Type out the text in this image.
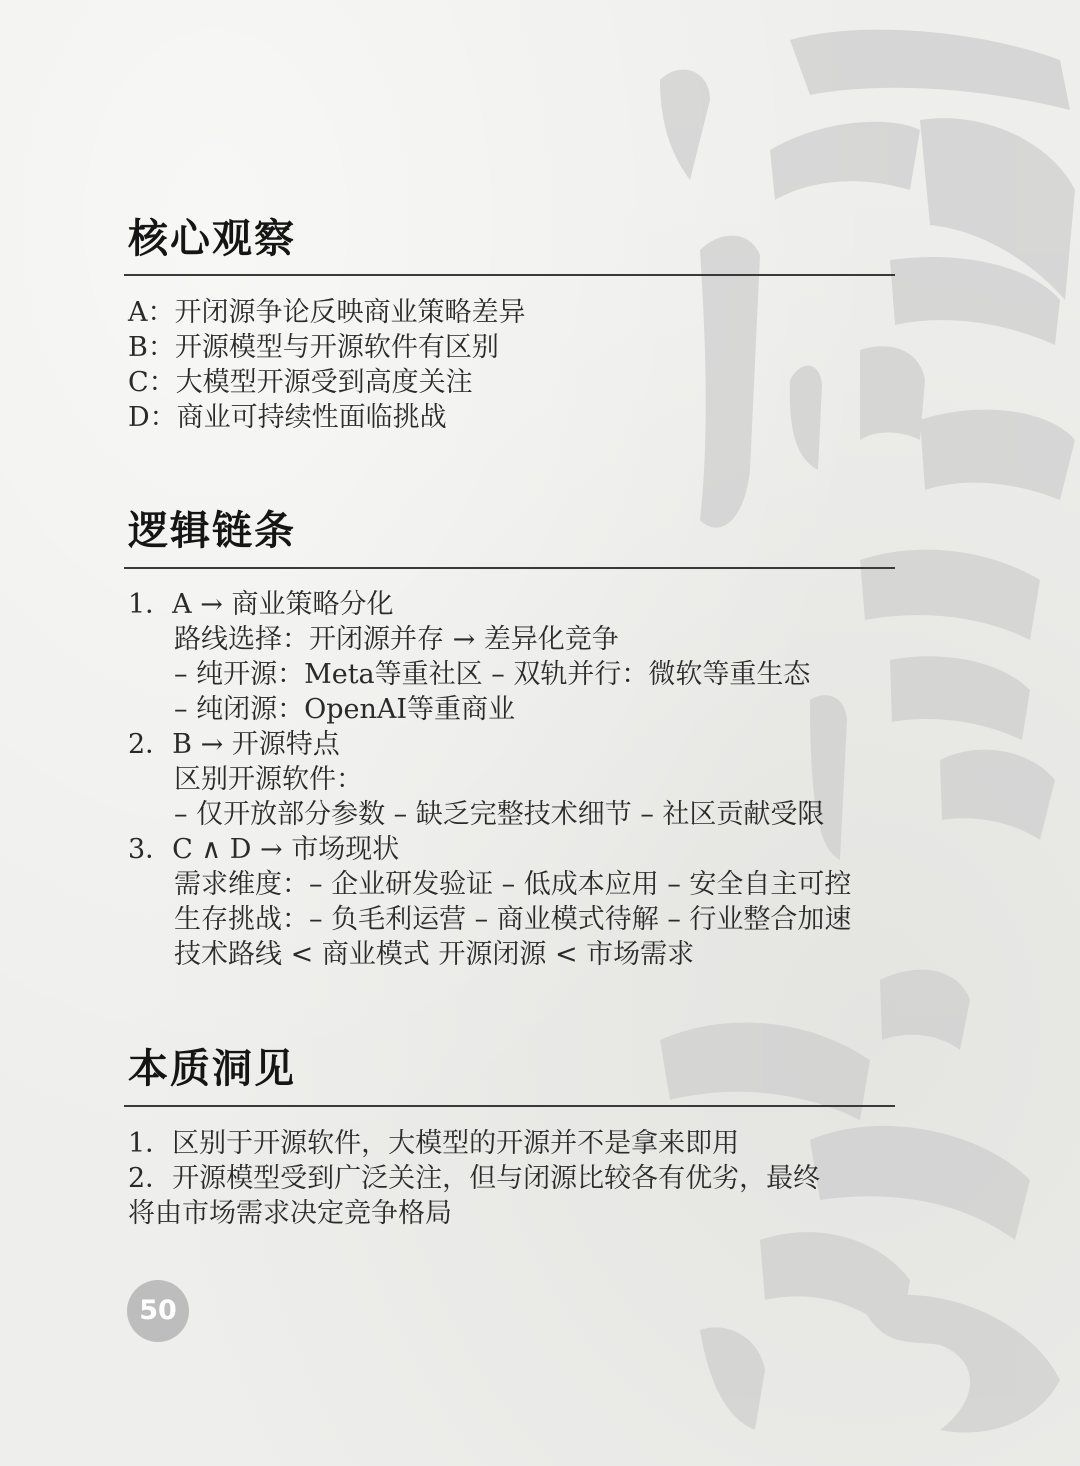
核心观察
A：开闭源争论反映商业策略差异
B：开源模型与开源软件有区别
C：大模型开源受到高度关注
D：商业可持续性面临挑战
逻辑链条
1．A → 商业策略分化
路线选择：开闭源并存 → 差异化竞争
– 纯开源：Meta等重社区 – 双轨并行：微软等重生态
– 纯闭源：OpenAI等重商业
2．B → 开源特点
区别开源软件：
– 仅开放部分参数 – 缺乏完整技术细节 – 社区贡献受限
3．C ∧ D → 市场现状
需求维度：– 企业研发验证 – 低成本应用 – 安全自主可控
生存挑战：– 负毛利运营 – 商业模式待解 – 行业整合加速
技术路线 < 商业模式 开源闭源 < 市场需求
本质洞见
1．区别于开源软件，大模型的开源并不是拿来即用
2．开源模型受到广泛关注，但与闭源比较各有优劣，最终
将由市场需求决定竞争格局
50
